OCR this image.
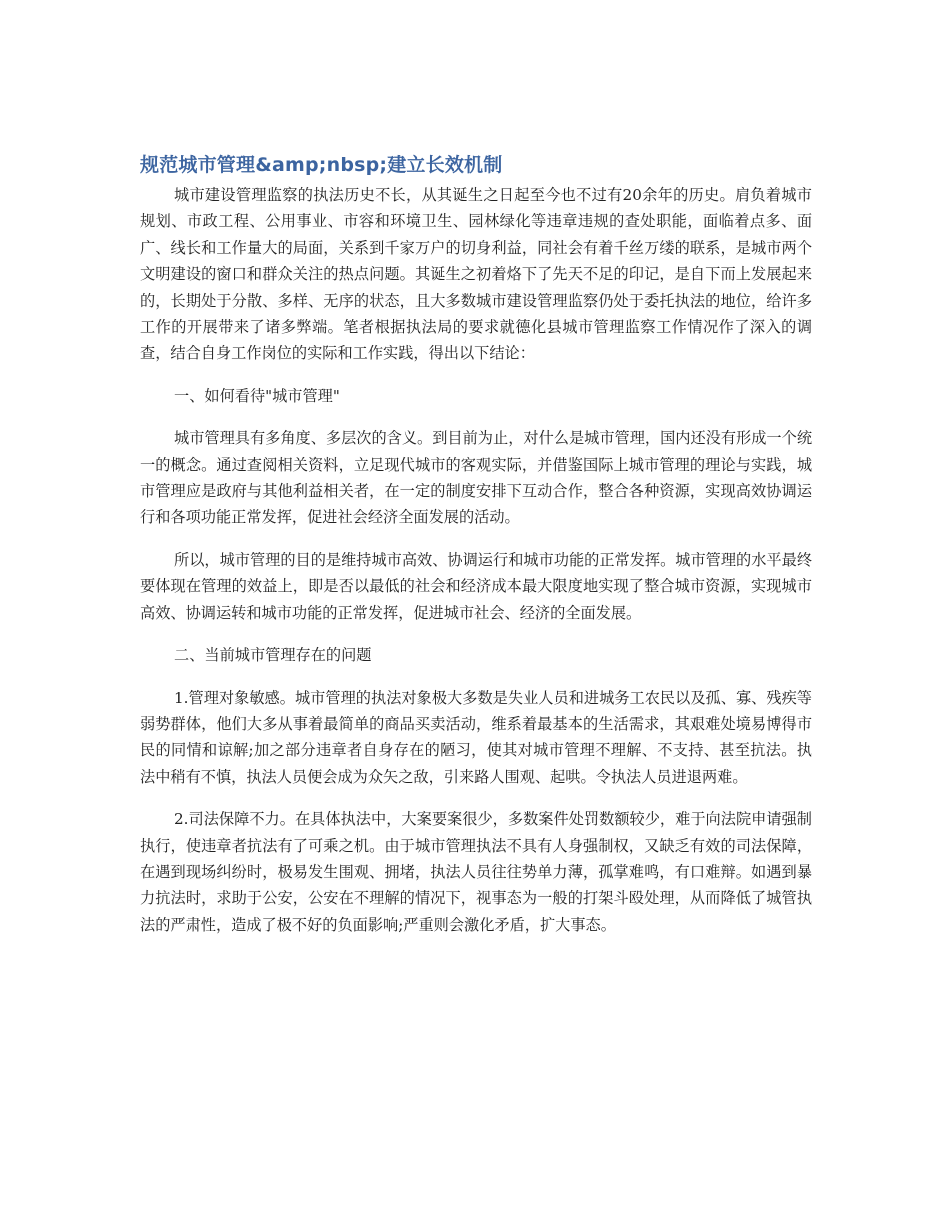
规范城市管理&amp;nbsp;建立长效机制

城市建设管理监察的执法历史不长，从其诞生之日起至今也不过有20余年的历史。肩负着城市规划、市政工程、公用事业、市容和环境卫生、园林绿化等违章违规的查处职能，面临着点多、面广、线长和工作量大的局面，关系到千家万户的切身利益，同社会有着千丝万缕的联系，是城市两个文明建设的窗口和群众关注的热点问题。其诞生之初着烙下了先天不足的印记，是自下而上发展起来的，长期处于分散、多样、无序的状态，且大多数城市建设管理监察仍处于委托执法的地位，给许多工作的开展带来了诸多弊端。笔者根据执法局的要求就德化县城市管理监察工作情况作了深入的调查，结合自身工作岗位的实际和工作实践，得出以下结论：

一、如何看待"城市管理"

城市管理具有多角度、多层次的含义。到目前为止，对什么是城市管理，国内还没有形成一个统一的概念。通过查阅相关资料，立足现代城市的客观实际，并借鉴国际上城市管理的理论与实践，城市管理应是政府与其他利益相关者，在一定的制度安排下互动合作，整合各种资源，实现高效协调运行和各项功能正常发挥，促进社会经济全面发展的活动。

所以，城市管理的目的是维持城市高效、协调运行和城市功能的正常发挥。城市管理的水平最终要体现在管理的效益上，即是否以最低的社会和经济成本最大限度地实现了整合城市资源，实现城市高效、协调运转和城市功能的正常发挥，促进城市社会、经济的全面发展。

二、当前城市管理存在的问题

1.管理对象敏感。城市管理的执法对象极大多数是失业人员和进城务工农民以及孤、寡、残疾等弱势群体，他们大多从事着最简单的商品买卖活动，维系着最基本的生活需求，其艰难处境易博得市民的同情和谅解;加之部分违章者自身存在的陋习，使其对城市管理不理解、不支持、甚至抗法。执法中稍有不慎，执法人员便会成为众矢之敌，引来路人围观、起哄。令执法人员进退两难。

2.司法保障不力。在具体执法中，大案要案很少，多数案件处罚数额较少，难于向法院申请强制执行，使违章者抗法有了可乘之机。由于城市管理执法不具有人身强制权，又缺乏有效的司法保障，在遇到现场纠纷时，极易发生围观、拥堵，执法人员往往势单力薄，孤掌难鸣，有口难辩。如遇到暴力抗法时，求助于公安，公安在不理解的情况下，视事态为一般的打架斗殴处理，从而降低了城管执法的严肃性，造成了极不好的负面影响;严重则会激化矛盾，扩大事态。
